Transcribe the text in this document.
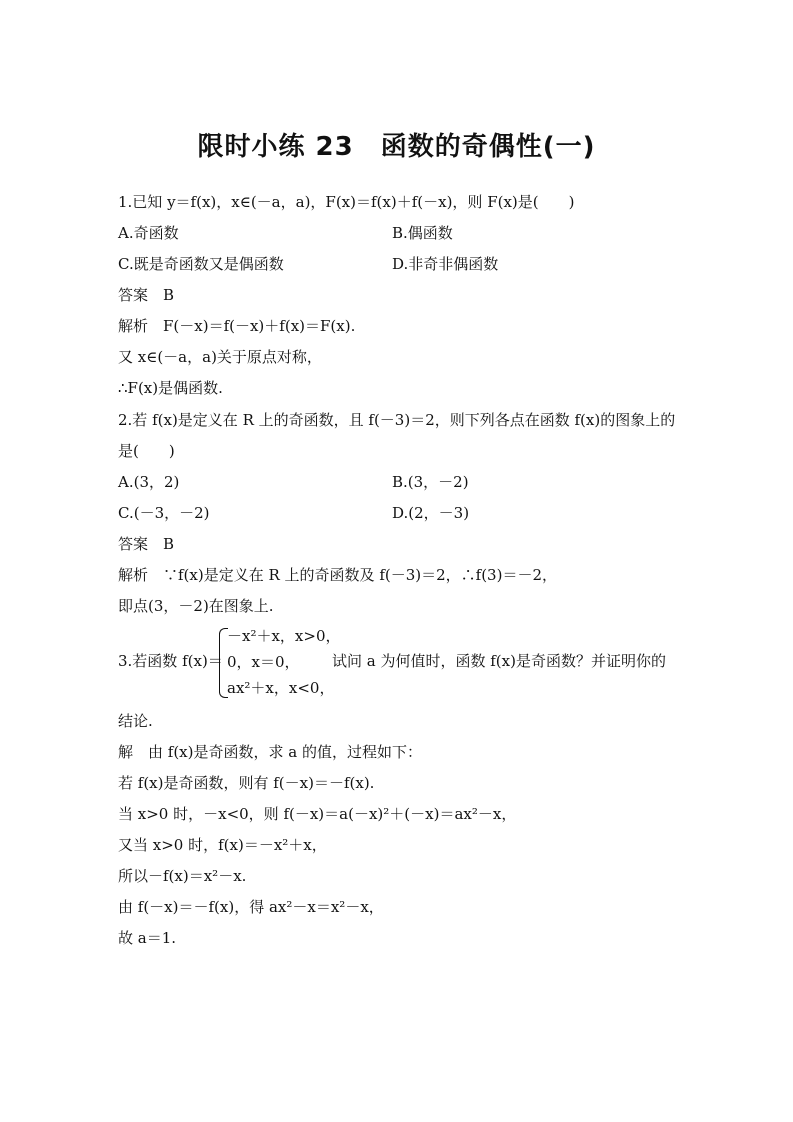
限时小练 23　函数的奇偶性(一)
1.已知 y＝f(x)，x∈(－a，a)，F(x)＝f(x)＋f(－x)，则 F(x)是(　　)
A.奇函数	B.偶函数
C.既是奇函数又是偶函数	D.非奇非偶函数
答案　B
解析　F(－x)＝f(－x)＋f(x)＝F(x).
又 x∈(－a，a)关于原点对称，
∴F(x)是偶函数.
2.若 f(x)是定义在 R 上的奇函数，且 f(－3)＝2，则下列各点在函数 f(x)的图象上的
是(　　)
A.(3，2)	B.(3，－2)
C.(－3，－2)	D.(2，－3)
答案　B
解析　∵f(x)是定义在 R 上的奇函数及 f(－3)＝2，∴f(3)＝－2，
即点(3，－2)在图象上.
3.若函数 f(x)＝
－x²＋x，x>0，
0，x＝0，
ax²＋x，x<0，
试问 a 为何值时，函数 f(x)是奇函数？并证明你的
结论.
解　由 f(x)是奇函数，求 a 的值，过程如下：
若 f(x)是奇函数，则有 f(－x)＝－f(x).
当 x>0 时，－x<0，则 f(－x)＝a(－x)²＋(－x)＝ax²－x，
又当 x>0 时，f(x)＝－x²＋x，
所以－f(x)＝x²－x.
由 f(－x)＝－f(x)，得 ax²－x＝x²－x，
故 a＝1.
